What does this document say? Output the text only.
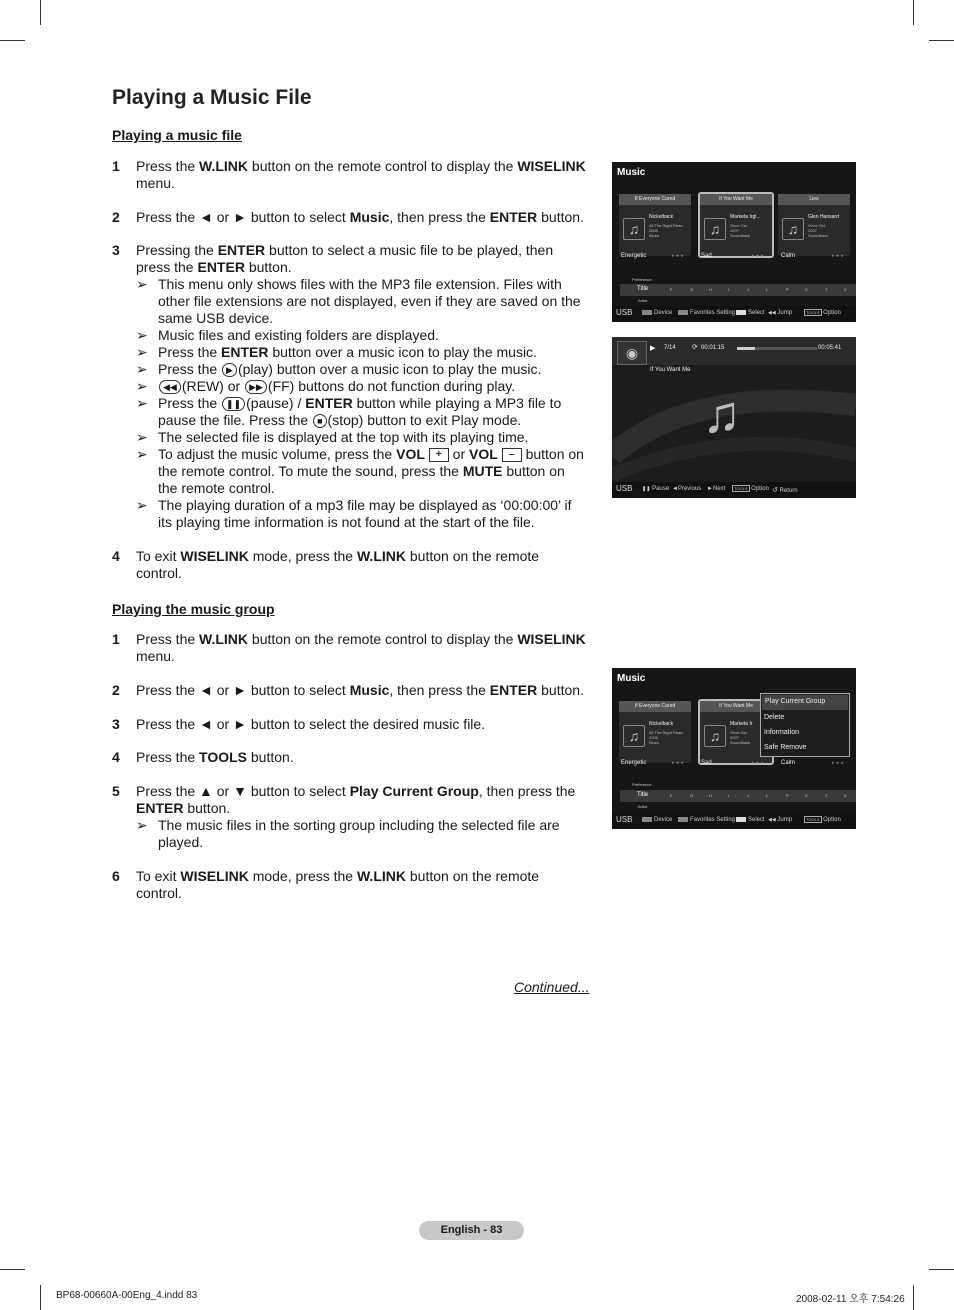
Playing a Music File
Playing a music file
1 Press the W.LINK button on the remote control to display the WISELINK menu.
2 Press the ◄ or ► button to select Music, then press the ENTER button.
3 Pressing the ENTER button to select a music file to be played, then press the ENTER button.
➢ This menu only shows files with the MP3 file extension. Files with other file extensions are not displayed, even if they are saved on the same USB device.
➢ Music files and existing folders are displayed.
➢ Press the ENTER button over a music icon to play the music.
➢ Press the ▶ (play) button over a music icon to play the music.
➢ ◀◀ (REW) or ▶▶ (FF) buttons do not function during play.
➢ Press the ❚❚ (pause) / ENTER button while playing a MP3 file to pause the file. Press the ■ (stop) button to exit Play mode.
➢ The selected file is displayed at the top with its playing time.
➢ To adjust the music volume, press the VOL + or VOL – button on the remote control. To mute the sound, press the MUTE button on the remote control.
➢ The playing duration of a mp3 file may be displayed as ‘00:00:00’ if its playing time information is not found at the start of the file.
4 To exit WISELINK mode, press the W.LINK button on the remote control.
Playing the music group
1 Press the W.LINK button on the remote control to display the WISELINK menu.
2 Press the ◄ or ► button to select Music, then press the ENTER button.
3 Press the ◄ or ► button to select the desired music file.
4 Press the TOOLS button.
5 Press the ▲ or ▼ button to select Play Current Group, then press the ENTER button.
➢ The music files in the sorting group including the selected file are played.
6 To exit WISELINK mode, press the W.LINK button on the remote control.
Music
If Everyone Cared
♫
Nickelback
All The Right Reas..
2005
Blues
If You Want Me
♫
Marketa Irgl...
Once Ost
2007
Soundtrack
Lies
♫
Glen Hansard
Once Ost
2007
Soundtrack
Energetic	★ ★ ★	Sad	★ ★ ★	Calm	★ ★ ★
Preference
Title	F	G	H	I	J	L	P	S	T	V
Artist
USB	Device	Favorites Setting	Select ◀◀ Jump	TOOLS Option
◉	▶ 7/14 ⟳ 00:01:15	00:05:41
If You Want Me
♫
USB ❚❚ Pause ◄Previous ►Next	TOOLS Option ↺ Return
Music
If Everyone Cared
♫
Nickelback
All The Right Reas..
2005
Blues
If You Want Me
♫
Marketa Ir
Once Ost
2007
Soundtrack
Energetic	★ ★ ★	Sad	★ ★ ★	Calm	★ ★ ★
Play Current Group
Delete
Information
Safe Remove
Preference
Title	F	G	H	I	J	L	P	S	T	V
Artist
USB	Device	Favorites Setting	Select ◀◀ Jump	TOOLS Option
Continued...
English - 83
BP68-00660A-00Eng_4.indd 83	2008-02-11 오후 7:54:26
